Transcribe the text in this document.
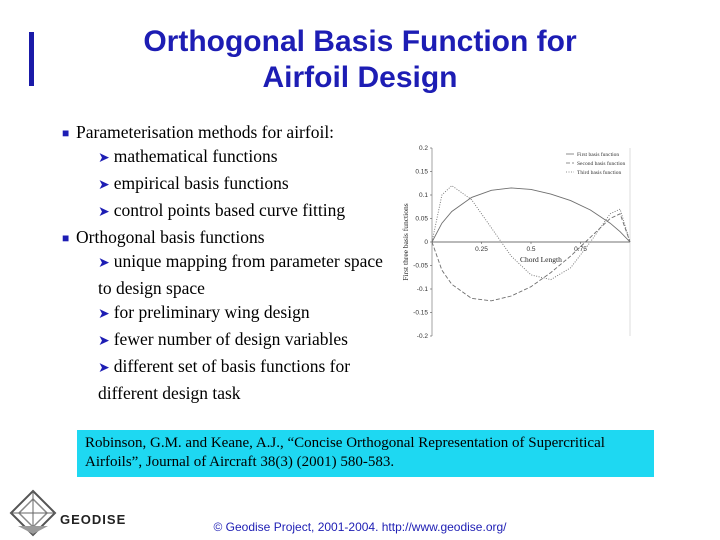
Orthogonal Basis Function for
Airfoil Design
■ Parameterisation methods for airfoil:
➤ mathematical functions
➤ empirical basis functions
➤ control points based curve fitting
■ Orthogonal basis functions
➤ unique mapping from parameter space to design space
➤ for preliminary wing design
➤ fewer number of design variables
➤ different set of basis functions for different design task
0.2
0.15
0.1
0.05
0
-0.05
-0.1
-0.15
-0.2
0.25	0.5	0.75
Chord Length
First three basis functions
First basis function
Second basis function
Third basis function
Robinson, G.M. and Keane, A.J., “Concise Orthogonal Representation of Supercritical Airfoils”, Journal of Aircraft 38(3) (2001) 580-583.
GEODISE	© Geodise Project, 2001-2004. http://www.geodise.org/
